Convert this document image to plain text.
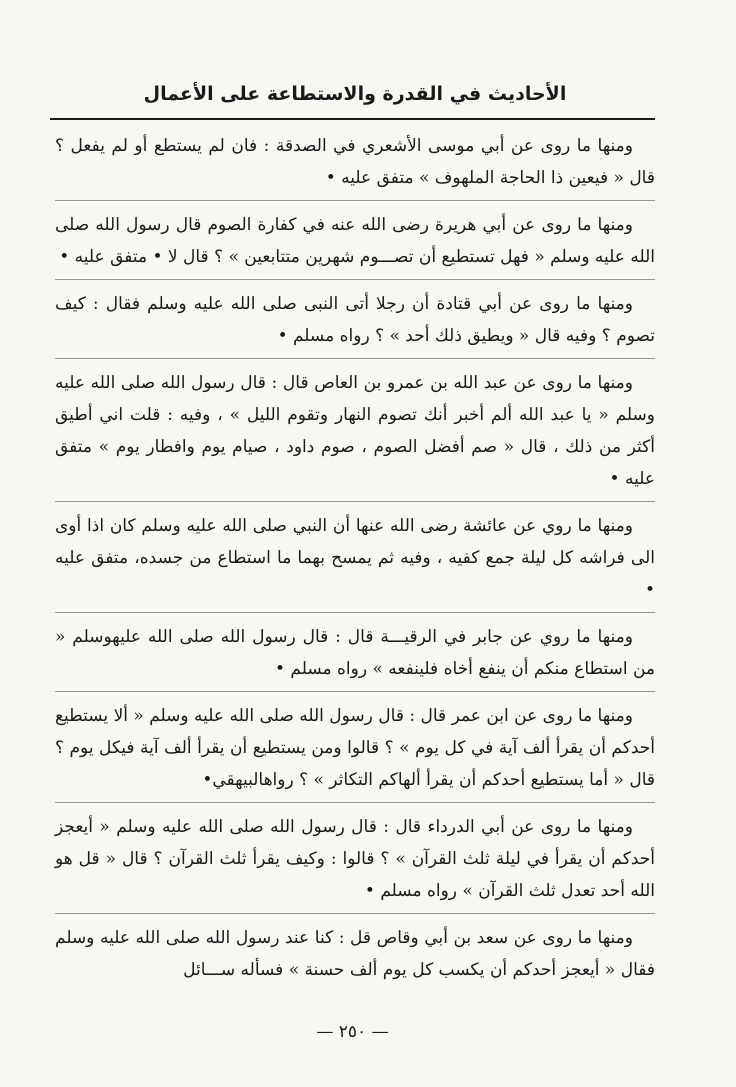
الأحاديث في القدرة والاستطاعة على الأعمال

ومنها ما روى عن أبي موسى الأشعري في الصدقة : فان لم يستطع أو لم يفعل ؟ قال « فيعين ذا الحاجة الملهوف » متفق عليه •

ومنها ما روى عن أبي هريرة رضى الله عنه في كفارة الصوم قال رسول الله صلى الله عليه وسلم « فهل تستطيع أن تصـــوم شهرين متتابعين » ؟ قال لا • متفق عليه •

ومنها ما روى عن أبي قتادة أن رجلا أتى النبى صلى الله عليه وسلم فقال : كيف تصوم ؟ وفيه قال « ويطيق ذلك أحد » ؟ رواه مسلم •

ومنها ما روى عن عبد الله بن عمرو بن العاص قال : قال رسول الله صلى الله عليه وسلم « يا عبد الله ألم أخبر أنك تصوم النهار وتقوم الليل » ، وفيه : قلت اني أطيق أكثر من ذلك ، قال « صم أفضل الصوم ، صوم داود ، صيام يوم وافطار يوم » متفق عليه •

ومنها ما روي عن عائشة رضى الله عنها أن النبي صلى الله عليه وسلم كان اذا أوى الى فراشه كل ليلة جمع كفيه ، وفيه ثم يمسح بهما ما استطاع من جسده، متفق عليه •

ومنها ما روي عن جابر في الرقيـــة قال : قال رسول الله صلى الله عليهوسلم « من استطاع منكم أن ينفع أخاه فلينفعه » رواه مسلم •

ومنها ما روى عن ابن عمر قال : قال رسول الله صلى الله عليه وسلم « ألا يستطيع أحدكم أن يقرأ ألف آية في كل يوم » ؟ قالوا ومن يستطيع أن يقرأ ألف آية فيكل يوم ؟ قال « أما يستطيع أحدكم أن يقرأ ألهاكم التكاثر » ؟ رواهالبيهقي•

ومنها ما روى عن أبي الدرداء قال : قال رسول الله صلى الله عليه وسلم « أيعجز أحدكم أن يقرأ في ليلة ثلث القرآن » ؟ قالوا : وكيف يقرأ ثلث القرآن ؟ قال « قل هو الله أحد تعدل ثلث القرآن » رواه مسلم •

ومنها ما روى عن سعد بن أبي وقاص قل : كنا عند رسول الله صلى الله عليه وسلم فقال « أيعجز أحدكم أن يكسب كل يوم ألف حسنة » فسأله ســـائل

— ٢٥٠ —
